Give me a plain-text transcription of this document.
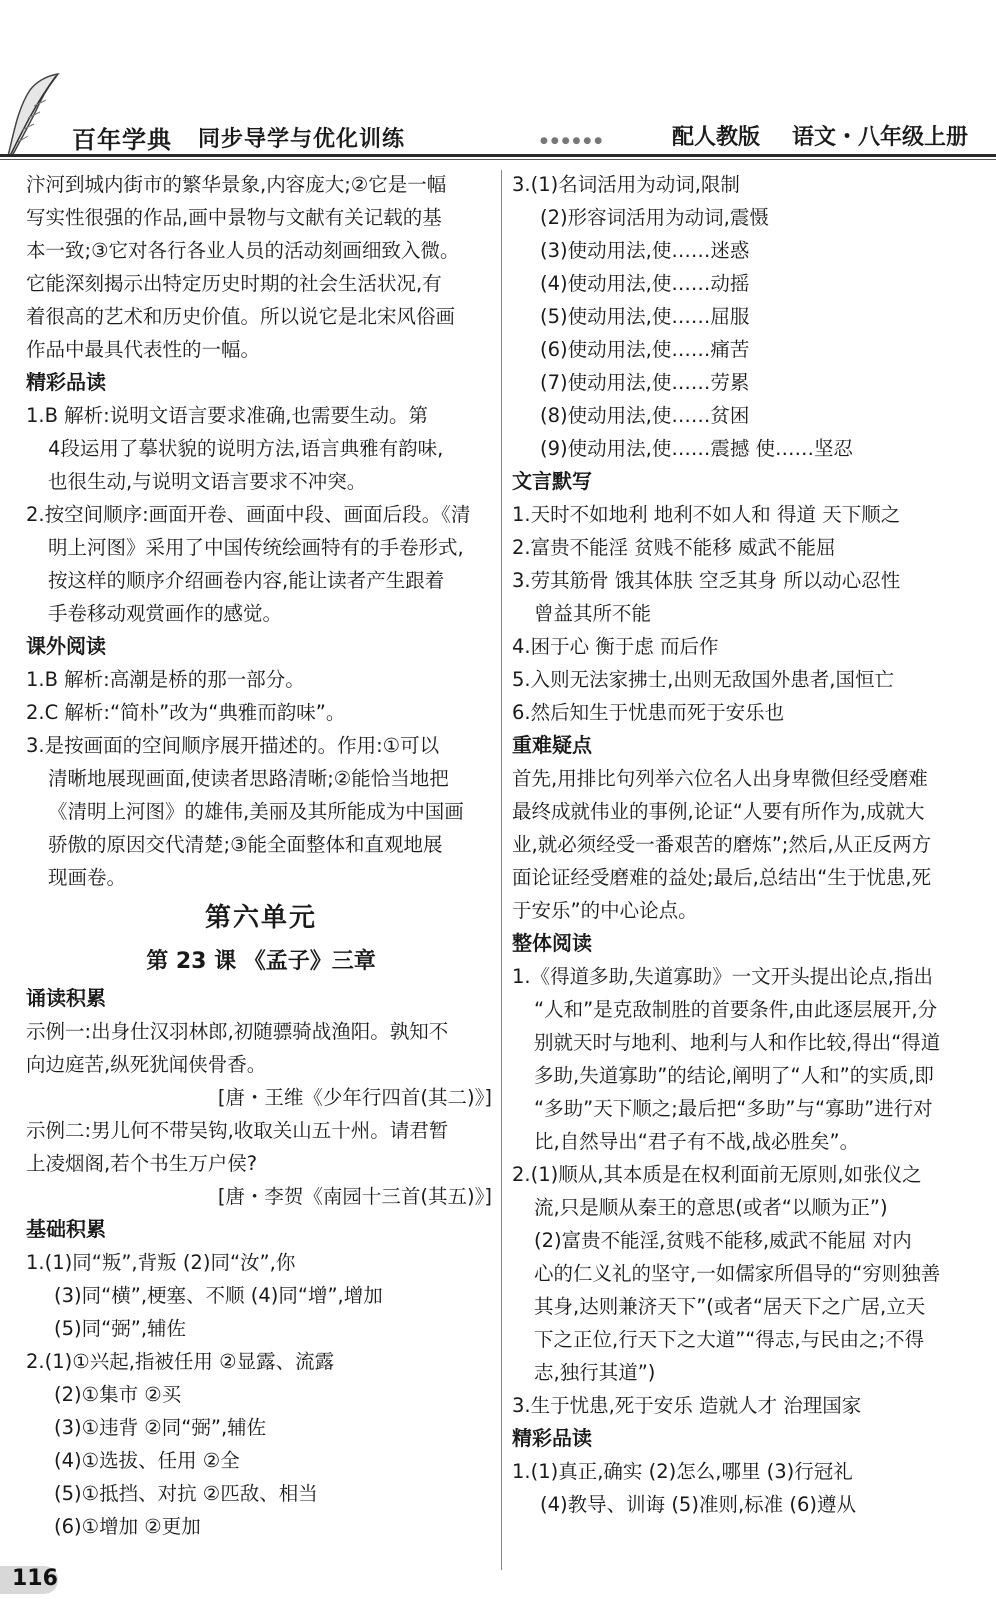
百年学典 同步导学与优化训练	●●●●●●	配人教版 语文・八年级上册

汴河到城内街市的繁华景象,内容庞大;②它是一幅

写实性很强的作品,画中景物与文献有关记载的基

本一致;③它对各行各业人员的活动刻画细致入微。

它能深刻揭示出特定历史时期的社会生活状况,有

着很高的艺术和历史价值。所以说它是北宋风俗画

作品中最具代表性的一幅。

精彩品读

1.B 解析:说明文语言要求准确,也需要生动。第

4段运用了摹状貌的说明方法,语言典雅有韵味,

也很生动,与说明文语言要求不冲突。

2.按空间顺序:画面开卷、画面中段、画面后段。《清

明上河图》采用了中国传统绘画特有的手卷形式,

按这样的顺序介绍画卷内容,能让读者产生跟着

手卷移动观赏画作的感觉。

课外阅读

1.B 解析:高潮是桥的那一部分。

2.C 解析:“简朴”改为“典雅而韵味”。

3.是按画面的空间顺序展开描述的。作用:①可以

清晰地展现画面,使读者思路清晰;②能恰当地把

《清明上河图》的雄伟,美丽及其所能成为中国画

骄傲的原因交代清楚;③能全面整体和直观地展

现画卷。

第六单元

第 23 课 《孟子》三章

诵读积累

示例一:出身仕汉羽林郎,初随骠骑战渔阳。孰知不

向边庭苦,纵死犹闻侠骨香。

[唐・王维《少年行四首(其二)》]

示例二:男儿何不带吴钩,收取关山五十州。请君暂

上凌烟阁,若个书生万户侯?

[唐・李贺《南园十三首(其五)》]

基础积累

1.(1)同“叛”,背叛 (2)同“汝”,你

(3)同“横”,梗塞、不顺 (4)同“增”,增加

(5)同“弼”,辅佐

2.(1)①兴起,指被任用 ②显露、流露

(2)①集市 ②买

(3)①违背 ②同“弼”,辅佐

(4)①选拔、任用 ②全

(5)①抵挡、对抗 ②匹敌、相当

(6)①增加 ②更加

3.(1)名词活用为动词,限制

(2)形容词活用为动词,震慑

(3)使动用法,使……迷惑

(4)使动用法,使……动摇

(5)使动用法,使……屈服

(6)使动用法,使……痛苦

(7)使动用法,使……劳累

(8)使动用法,使……贫困

(9)使动用法,使……震撼 使……坚忍

文言默写

1.天时不如地利 地利不如人和 得道 天下顺之

2.富贵不能淫 贫贱不能移 威武不能屈

3.劳其筋骨 饿其体肤 空乏其身 所以动心忍性

曾益其所不能

4.困于心 衡于虑 而后作

5.入则无法家拂士,出则无敌国外患者,国恒亡

6.然后知生于忧患而死于安乐也

重难疑点

首先,用排比句列举六位名人出身卑微但经受磨难

最终成就伟业的事例,论证“人要有所作为,成就大

业,就必须经受一番艰苦的磨炼”;然后,从正反两方

面论证经受磨难的益处;最后,总结出“生于忧患,死

于安乐”的中心论点。

整体阅读

1.《得道多助,失道寡助》一文开头提出论点,指出

“人和”是克敌制胜的首要条件,由此逐层展开,分

别就天时与地利、地利与人和作比较,得出“得道

多助,失道寡助”的结论,阐明了“人和”的实质,即

“多助”天下顺之;最后把“多助”与“寡助”进行对

比,自然导出“君子有不战,战必胜矣”。

2.(1)顺从,其本质是在权利面前无原则,如张仪之

流,只是顺从秦王的意思(或者“以顺为正”)

(2)富贵不能淫,贫贱不能移,威武不能屈 对内

心的仁义礼的坚守,一如儒家所倡导的“穷则独善

其身,达则兼济天下”(或者“居天下之广居,立天

下之正位,行天下之大道”“得志,与民由之;不得

志,独行其道”)

3.生于忧患,死于安乐 造就人才 治理国家

精彩品读

1.(1)真正,确实 (2)怎么,哪里 (3)行冠礼

(4)教导、训诲 (5)准则,标准 (6)遵从

116
